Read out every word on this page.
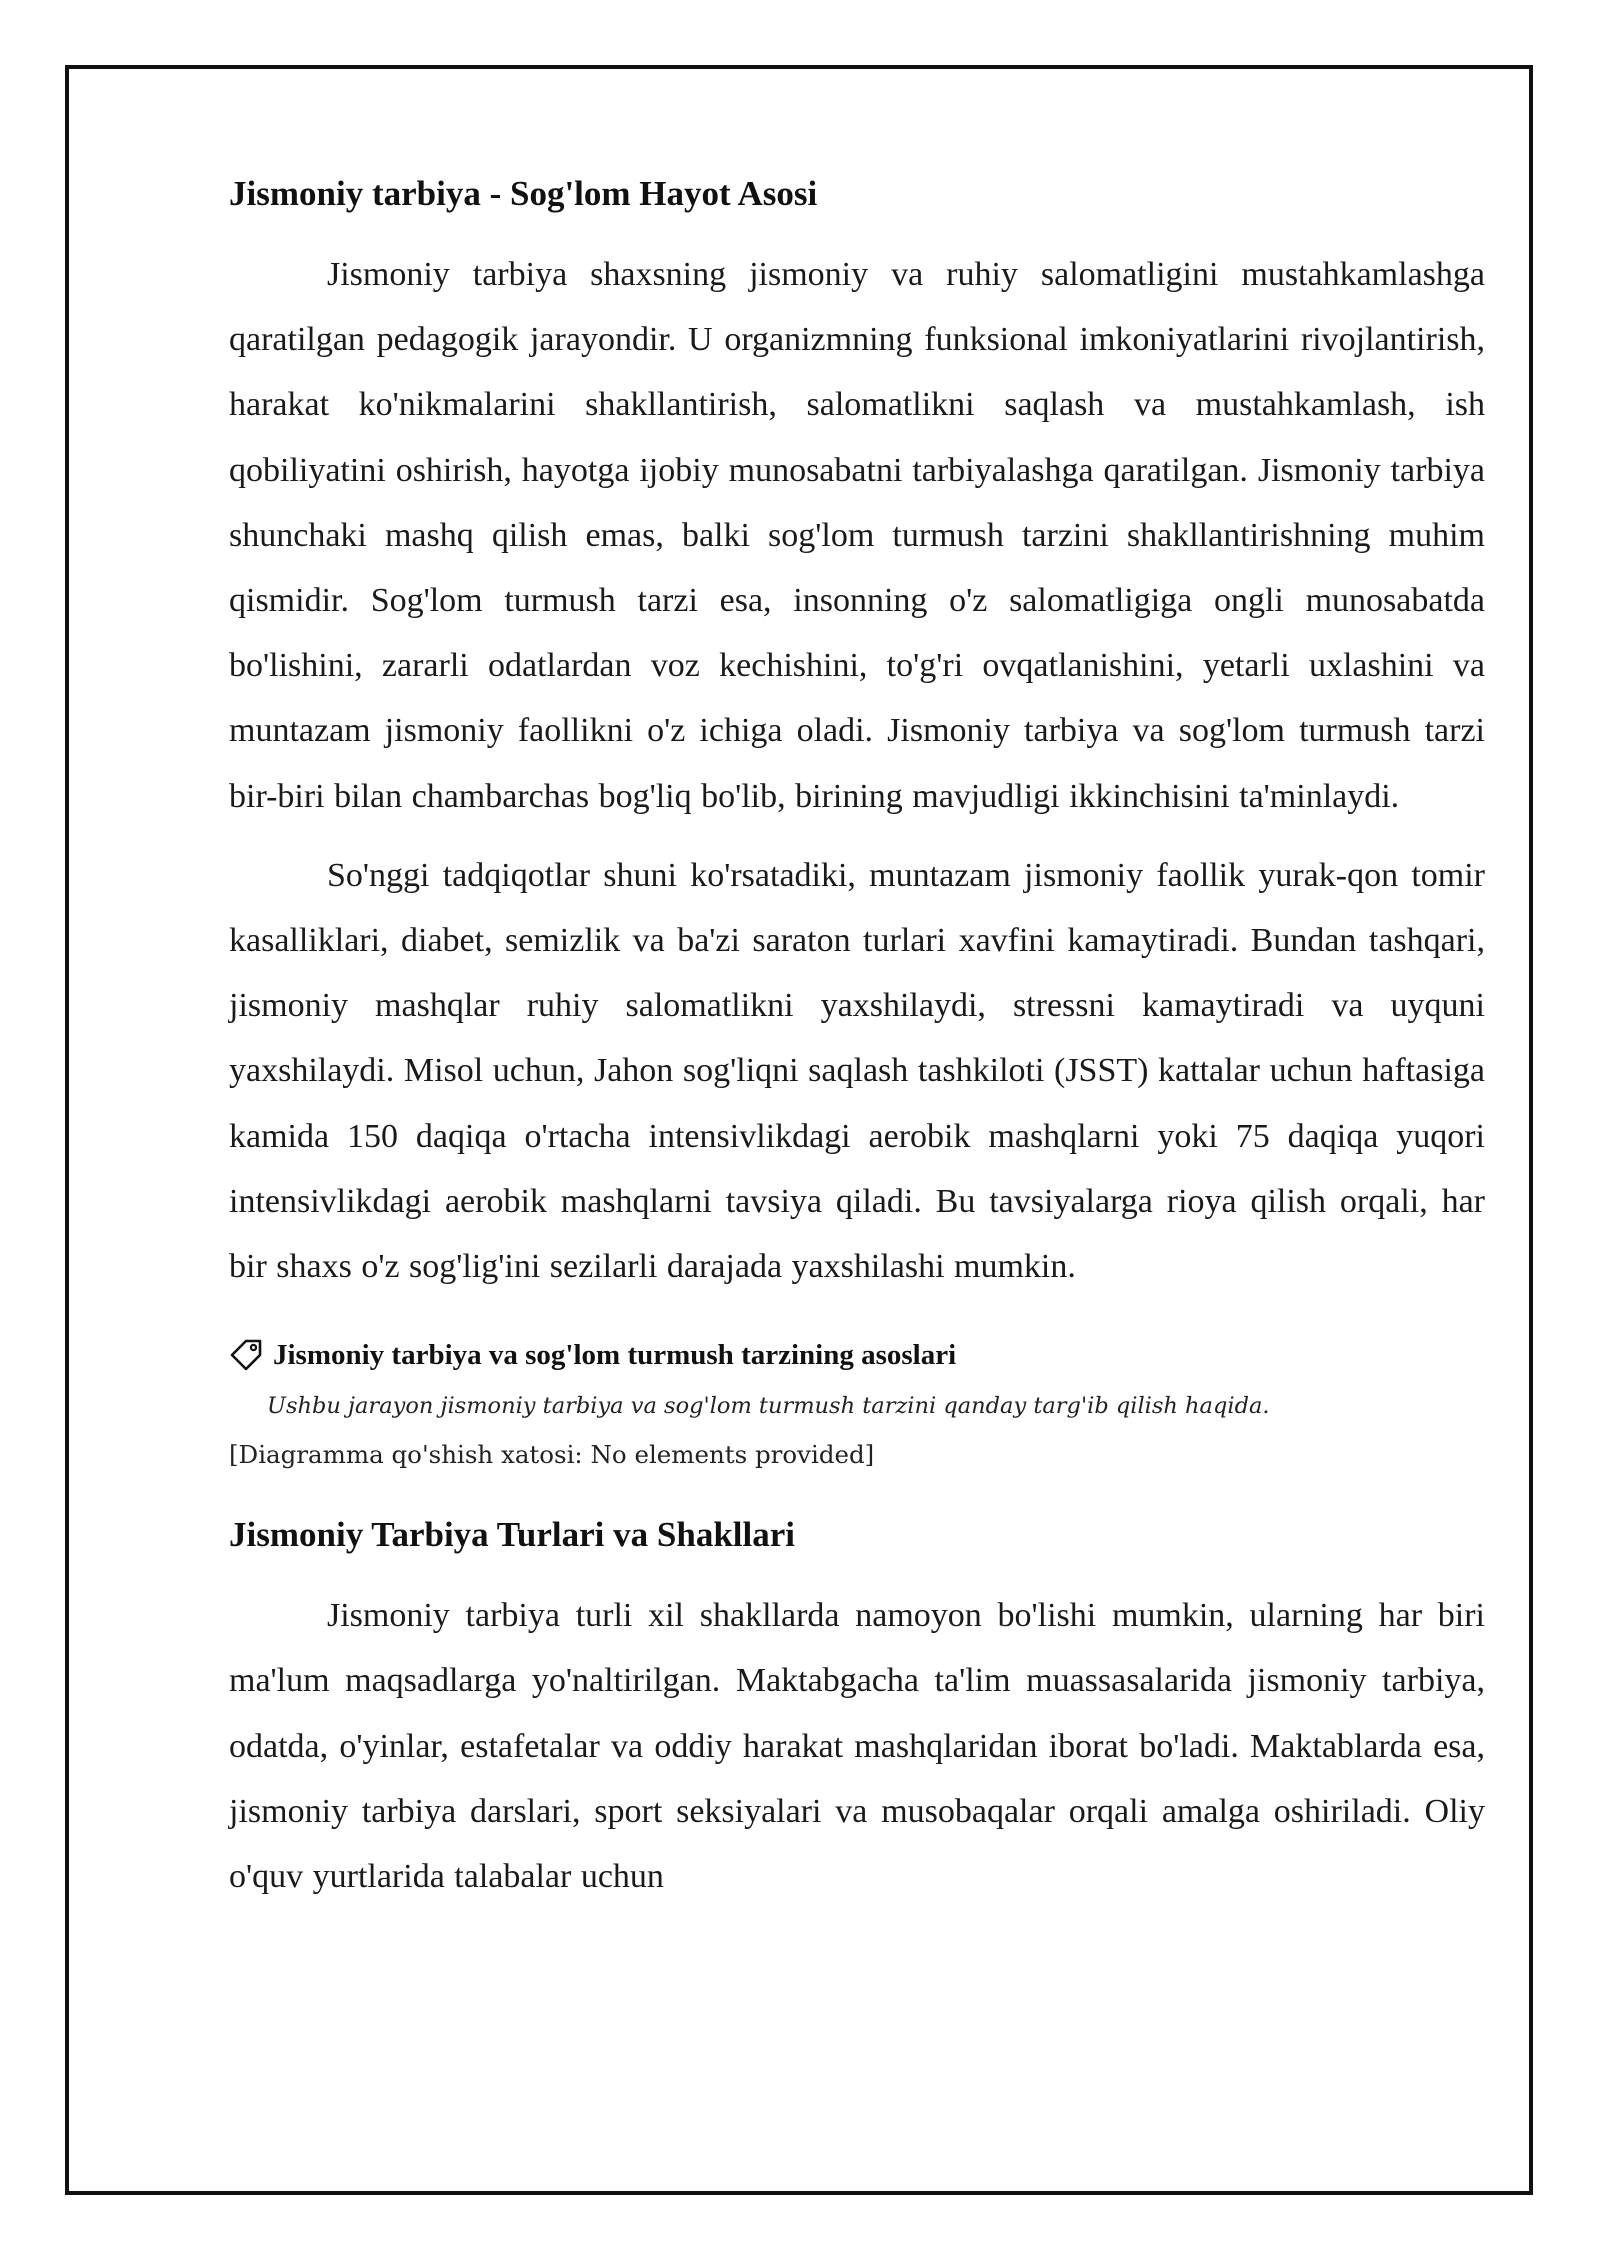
Jismoniy tarbiya - Sog'lom Hayot Asosi

Jismoniy tarbiya shaxsning jismoniy va ruhiy salomatligini mustahkamlashga qaratilgan pedagogik jarayondir. U organizmning funksional imkoniyatlarini rivojlantirish, harakat ko'nikmalarini shakllantirish, salomatlikni saqlash va mustahkamlash, ish qobiliyatini oshirish, hayotga ijobiy munosabatni tarbiyalashga qaratilgan. Jismoniy tarbiya shunchaki mashq qilish emas, balki sog'lom turmush tarzini shakllantirishning muhim qismidir. Sog'lom turmush tarzi esa, insonning o'z salomatligiga ongli munosabatda bo'lishini, zararli odatlardan voz kechishini, to'g'ri ovqatlanishini, yetarli uxlashini va muntazam jismoniy faollikni o'z ichiga oladi. Jismoniy tarbiya va sog'lom turmush tarzi bir-biri bilan chambarchas bog'liq bo'lib, birining mavjudligi ikkinchisini ta'minlaydi.

So'nggi tadqiqotlar shuni ko'rsatadiki, muntazam jismoniy faollik yurak-qon tomir kasalliklari, diabet, semizlik va ba'zi saraton turlari xavfini kamaytiradi. Bundan tashqari, jismoniy mashqlar ruhiy salomatlikni yaxshilaydi, stressni kamaytiradi va uyquni yaxshilaydi. Misol uchun, Jahon sog'liqni saqlash tashkiloti (JSST) kattalar uchun haftasiga kamida 150 daqiqa o'rtacha intensivlikdagi aerobik mashqlarni yoki 75 daqiqa yuqori intensivlikdagi aerobik mashqlarni tavsiya qiladi. Bu tavsiyalarga rioya qilish orqali, har bir shaxs o'z sog'lig'ini sezilarli darajada yaxshilashi mumkin.

Jismoniy tarbiya va sog'lom turmush tarzining asoslari
Ushbu jarayon jismoniy tarbiya va sog'lom turmush tarzini qanday targ'ib qilish haqida.
[Diagramma qo'shish xatosi: No elements provided]
Jismoniy Tarbiya Turlari va Shakllari

Jismoniy tarbiya turli xil shakllarda namoyon bo'lishi mumkin, ularning har biri ma'lum maqsadlarga yo'naltirilgan. Maktabgacha ta'lim muassasalarida jismoniy tarbiya, odatda, o'yinlar, estafetalar va oddiy harakat mashqlaridan iborat bo'ladi. Maktablarda esa, jismoniy tarbiya darslari, sport seksiyalari va musobaqalar orqali amalga oshiriladi. Oliy o'quv yurtlarida talabalar uchun
